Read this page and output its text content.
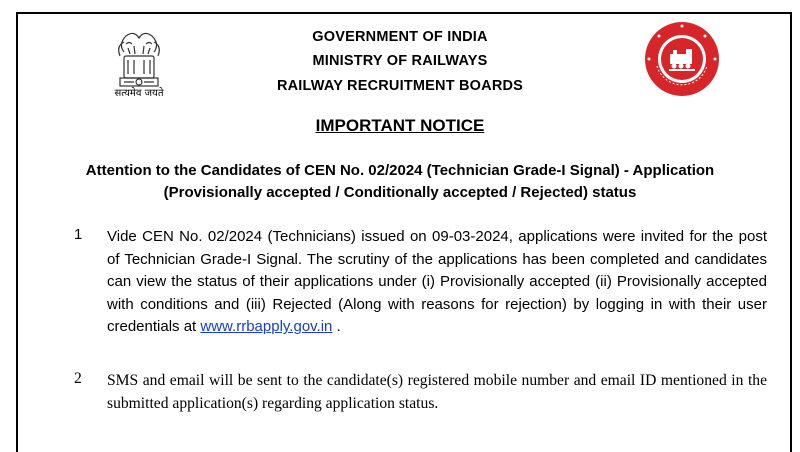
सत्यमेव जयते
GOVERNMENT OF INDIA
MINISTRY OF RAILWAYS
RAILWAY RECRUITMENT BOARDS
IMPORTANT NOTICE
Attention to the Candidates of CEN No. 02/2024 (Technician Grade-I Signal) - Application
(Provisionally accepted / Conditionally accepted / Rejected) status
1 Vide CEN No. 02/2024 (Technicians) issued on 09-03-2024, applications were invited for the post of Technician Grade-I Signal. The scrutiny of the applications has been completed and candidates can view the status of their applications under (i) Provisionally accepted (ii) Provisionally accepted with conditions and (iii) Rejected (Along with reasons for rejection) by logging in with their user credentials at www.rrbapply.gov.in .
2 SMS and email will be sent to the candidate(s) registered mobile number and email ID mentioned in the submitted application(s) regarding application status.
